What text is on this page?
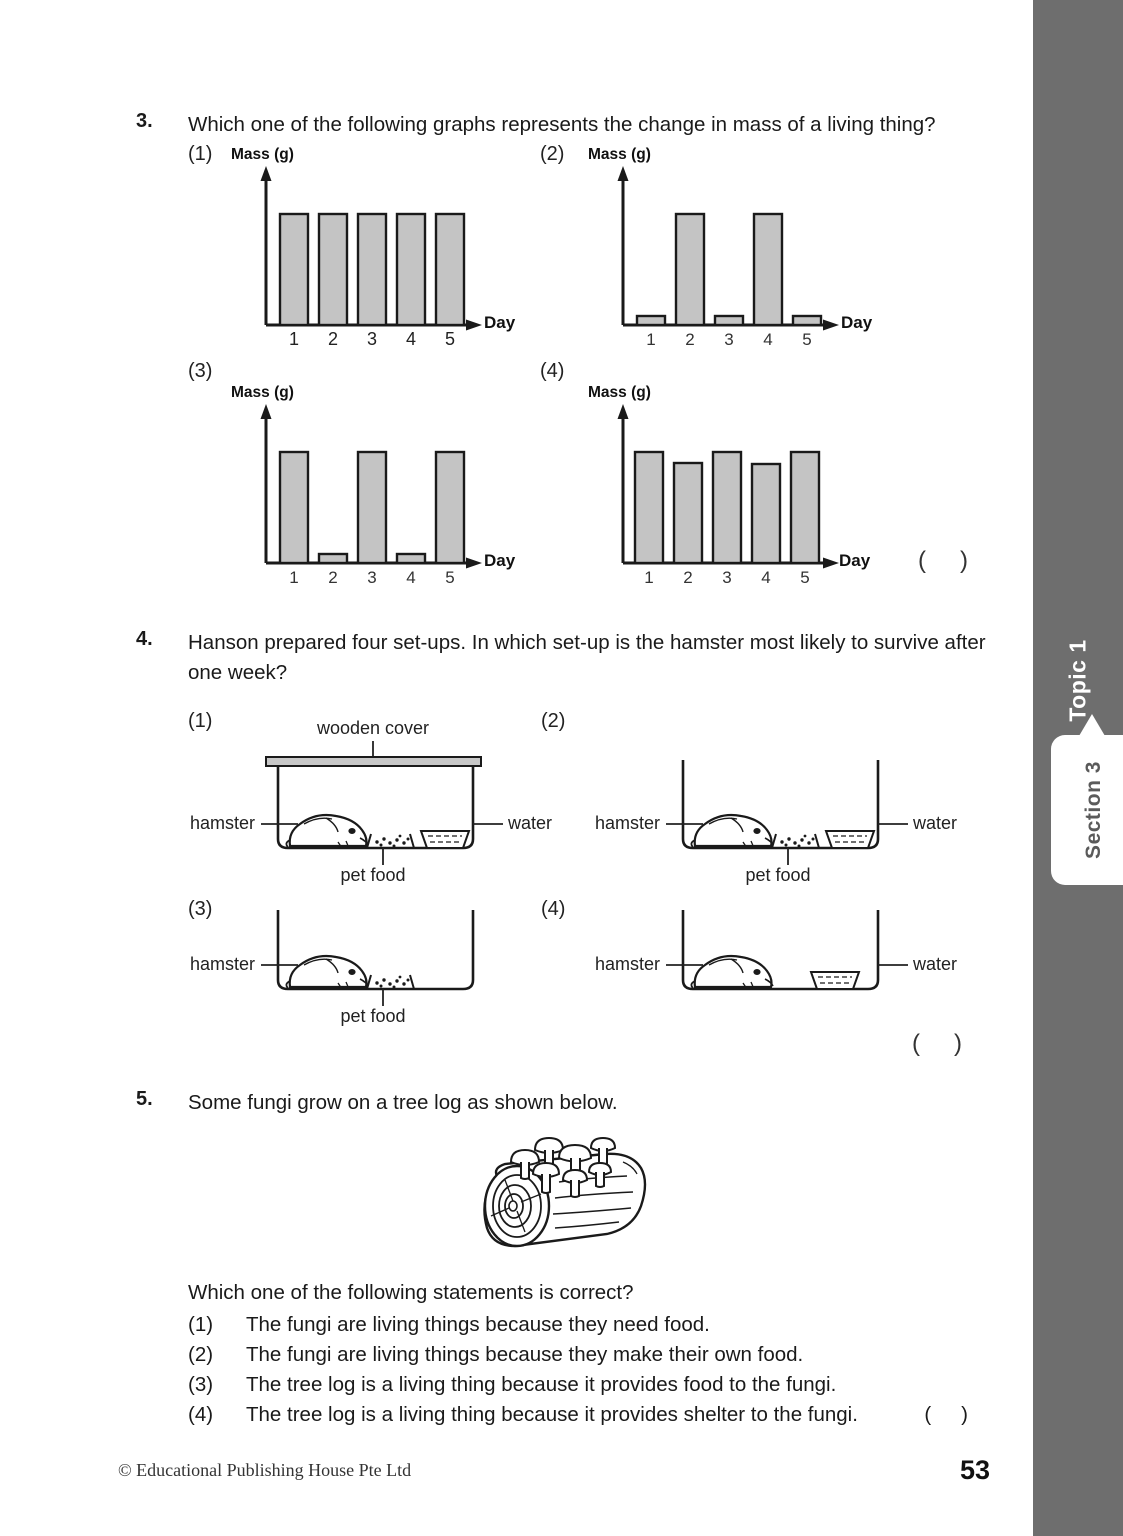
3.	Which one of the following graphs represents the change in mass of a living thing?
(1)	(2)
(3)	(4)
Mass (g)
1 2 3 4 5
Day
Mass (g)
1 2 3 4 5
Day
Mass (g)
1 2 3 4 5
Day
Mass (g)
1 2 3 4 5
Day ()
4.	Hanson prepared four set-ups. In which set-up is the hamster most likely to survive after one week?
(1)	(2)
(3)	(4)
wooden cover
hamster	water
pet food
hamster	water
pet food
hamster
pet food
hamster	water
()
5.	Some fungi grow on a tree log as shown below.
Which one of the following statements is correct?
(1)	The fungi are living things because they need food.
(2)	The fungi are living things because they make their own food.
(3)	The tree log is a living thing because it provides food to the fungi.
(4)	The tree log is a living thing because it provides shelter to the fungi.	()
© Educational Publishing House Pte Ltd	53
Topic 1
Section 3
